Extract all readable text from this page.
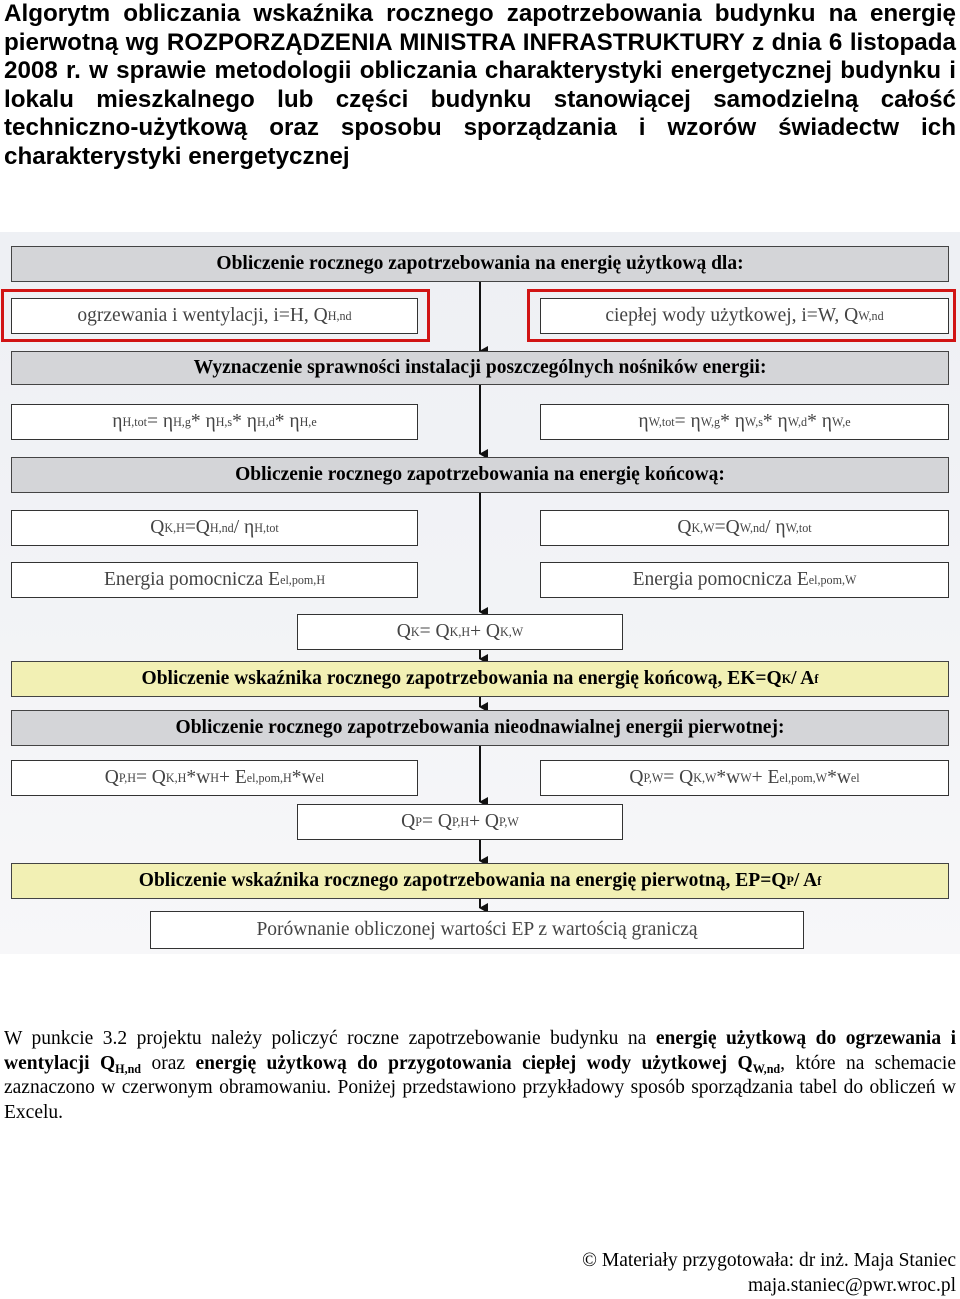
Algorytm obliczania wskaźnika rocznego zapotrzebowania budynku na energię pierwotną wg ROZPORZĄDZENIA MINISTRA INFRASTRUKTURY z dnia 6 listopada 2008 r. w sprawie metodologii obliczania charakterystyki energetycznej budynku i lokalu mieszkalnego lub części budynku stanowiącej samodzielną całość techniczno-użytkową oraz sposobu sporządzania i wzorów świadectw ich charakterystyki energetycznej
Obliczenie rocznego zapotrzebowania na energię użytkową dla:
ogrzewania i wentylacji, i=H, Q H,nd	ciepłej wody użytkowej, i=W, Q W,nd
Wyznaczenie sprawności instalacji poszczególnych nośników energii:
η H,tot = η H,g * η H,s * η H,d * η H,e	η W,tot = η W,g * η W,s * η W,d * η W,e
Obliczenie rocznego zapotrzebowania na energię końcową:
Q K,H =Q H,nd / η H,tot	Q K,W =Q W,nd / η W,tot
Energia pomocnicza E el,pom,H	Energia pomocnicza E el,pom,W
Q K = Q K,H + Q K,W
Obliczenie wskaźnika rocznego zapotrzebowania na energię końcową, EK=Q K / A f
Obliczenie rocznego zapotrzebowania nieodnawialnej energii pierwotnej:
Q P,H = Q K,H *w H + E el,pom,H *w el	Q P,W = Q K,W *w W + E el,pom,W *w el
Q P = Q P,H + Q P,W
Obliczenie wskaźnika rocznego zapotrzebowania na energię pierwotną, EP=Q P / A f
Porównanie obliczonej wartości EP z wartością graniczą
W punkcie 3.2 projektu należy policzyć roczne zapotrzebowanie budynku na energię użytkową do ogrzewania i wentylacji $Q_{H,nd}$ oraz energię użytkową do przygotowania ciepłej wody użytkowej $Q_{W,nd}$, które na schemacie zaznaczono w czerwonym obramowaniu. Poniżej przedstawiono przykładowy sposób sporządzania tabel do obliczeń w Excelu.
© Materiały przygotowała: dr inż. Maja Staniec
maja.staniec@pwr.wroc.pl
